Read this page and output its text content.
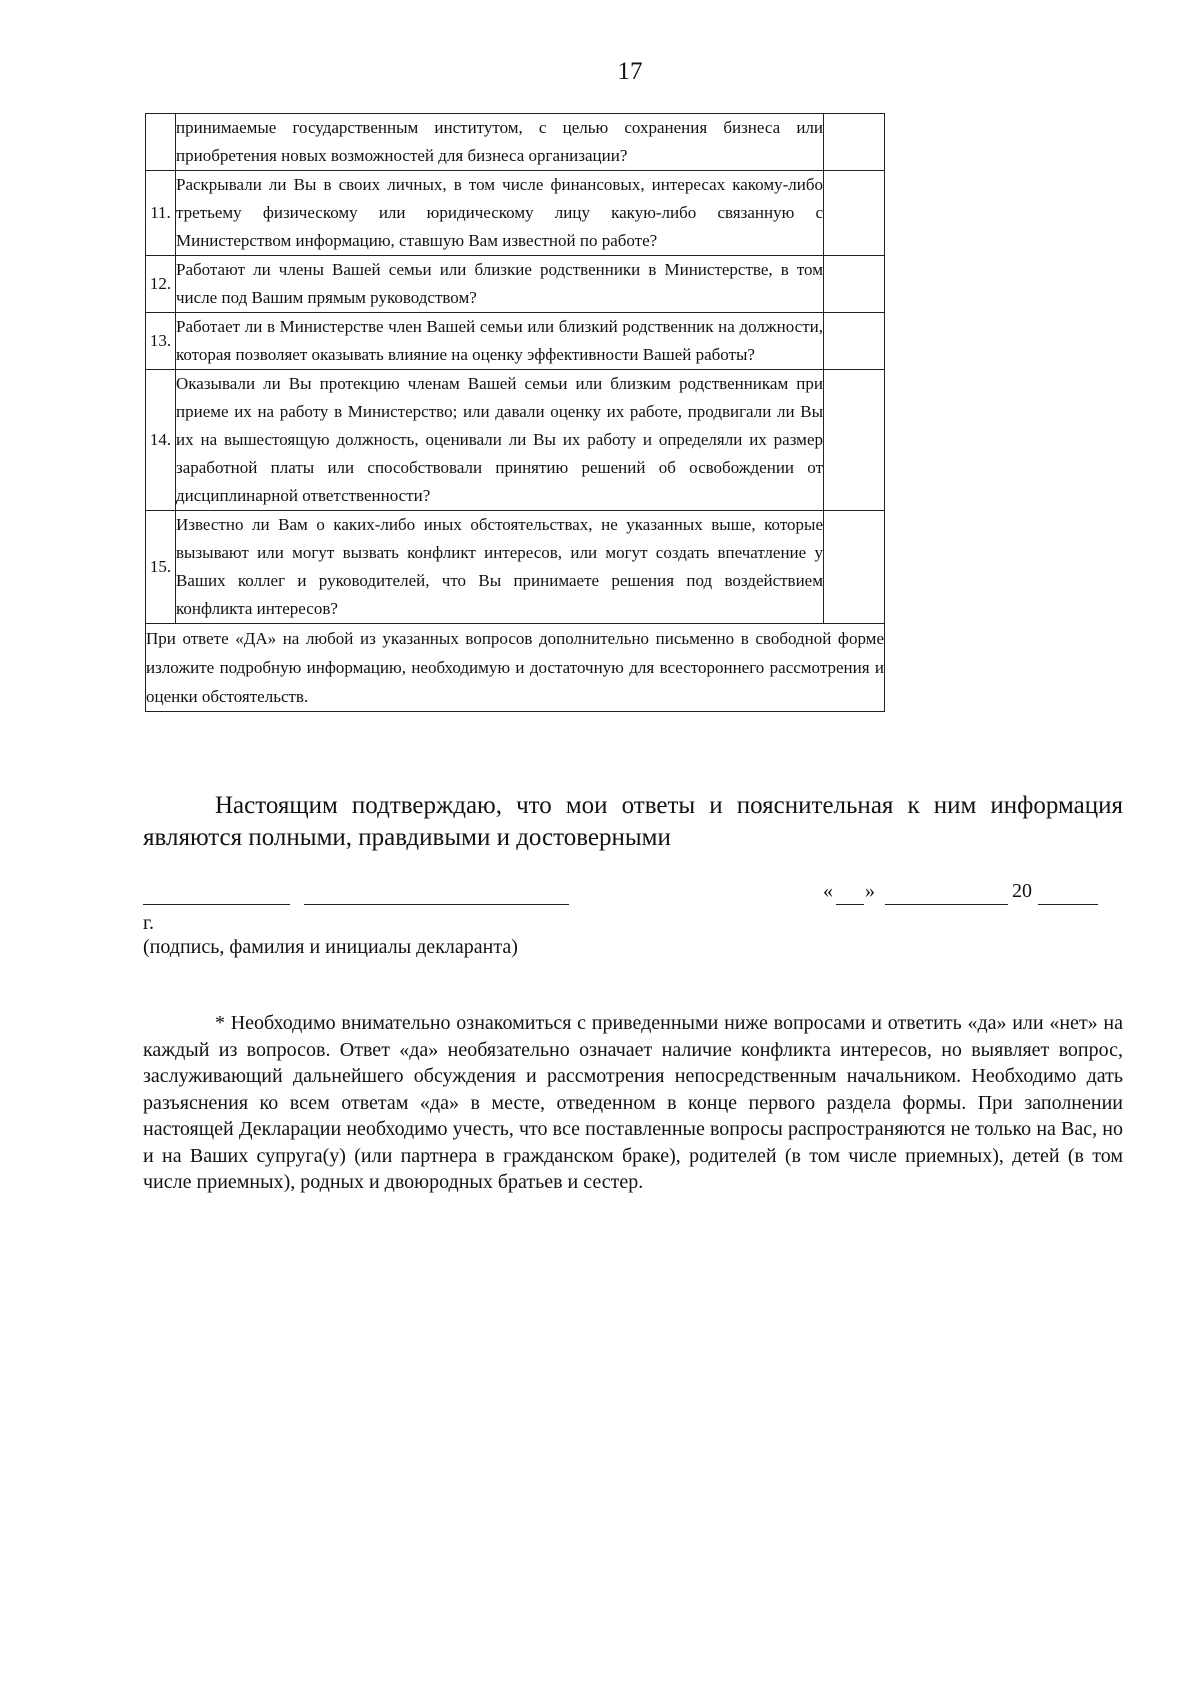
17
	принимаемые государственным институтом, с целью сохранения бизнеса или приобретения новых возможностей для бизнеса организации?	
11.	Раскрывали ли Вы в своих личных, в том числе финансовых, интересах какому-либо третьему физическому или юридическому лицу какую-либо связанную с Министерством информацию, ставшую Вам известной по работе?	
12.	Работают ли члены Вашей семьи или близкие родственники в Министерстве, в том числе под Вашим прямым руководством?	
13.	Работает ли в Министерстве член Вашей семьи или близкий родственник на должности, которая позволяет оказывать влияние на оценку эффективности Вашей работы?	
14.	Оказывали ли Вы протекцию членам Вашей семьи или близким родственникам при приеме их на работу в Министерство; или давали оценку их работе, продвигали ли Вы их на вышестоящую должность, оценивали ли Вы их работу и определяли их размер заработной платы или способствовали принятию решений об освобождении от дисциплинарной ответственности?	
15.	Известно ли Вам о каких-либо иных обстоятельствах, не указанных выше, которые вызывают или могут вызвать конфликт интересов, или могут создать впечатление у Ваших коллег и руководителей, что Вы принимаете решения под воздействием конфликта интересов?	
При ответе «ДА» на любой из указанных вопросов дополнительно письменно в свободной форме изложите подробную информацию, необходимую и достаточную для всестороннего рассмотрения и оценки обстоятельств.		
Настоящим подтверждаю, что мои ответы и пояснительная к ним информация являются полными, правдивыми и достоверными
« »	20
г.
(подпись, фамилия и инициалы декларанта)
* Необходимо внимательно ознакомиться с приведенными ниже вопросами и ответить «да» или «нет» на каждый из вопросов. Ответ «да» необязательно означает наличие конфликта интересов, но выявляет вопрос, заслуживающий дальнейшего обсуждения и рассмотрения непосредственным начальником. Необходимо дать разъяснения ко всем ответам «да» в месте, отведенном в конце первого раздела формы. При заполнении настоящей Декларации необходимо учесть, что все поставленные вопросы распространяются не только на Вас, но и на Ваших супруга(у) (или партнера в гражданском браке), родителей (в том числе приемных), детей (в том числе приемных), родных и двоюродных братьев и сестер.
